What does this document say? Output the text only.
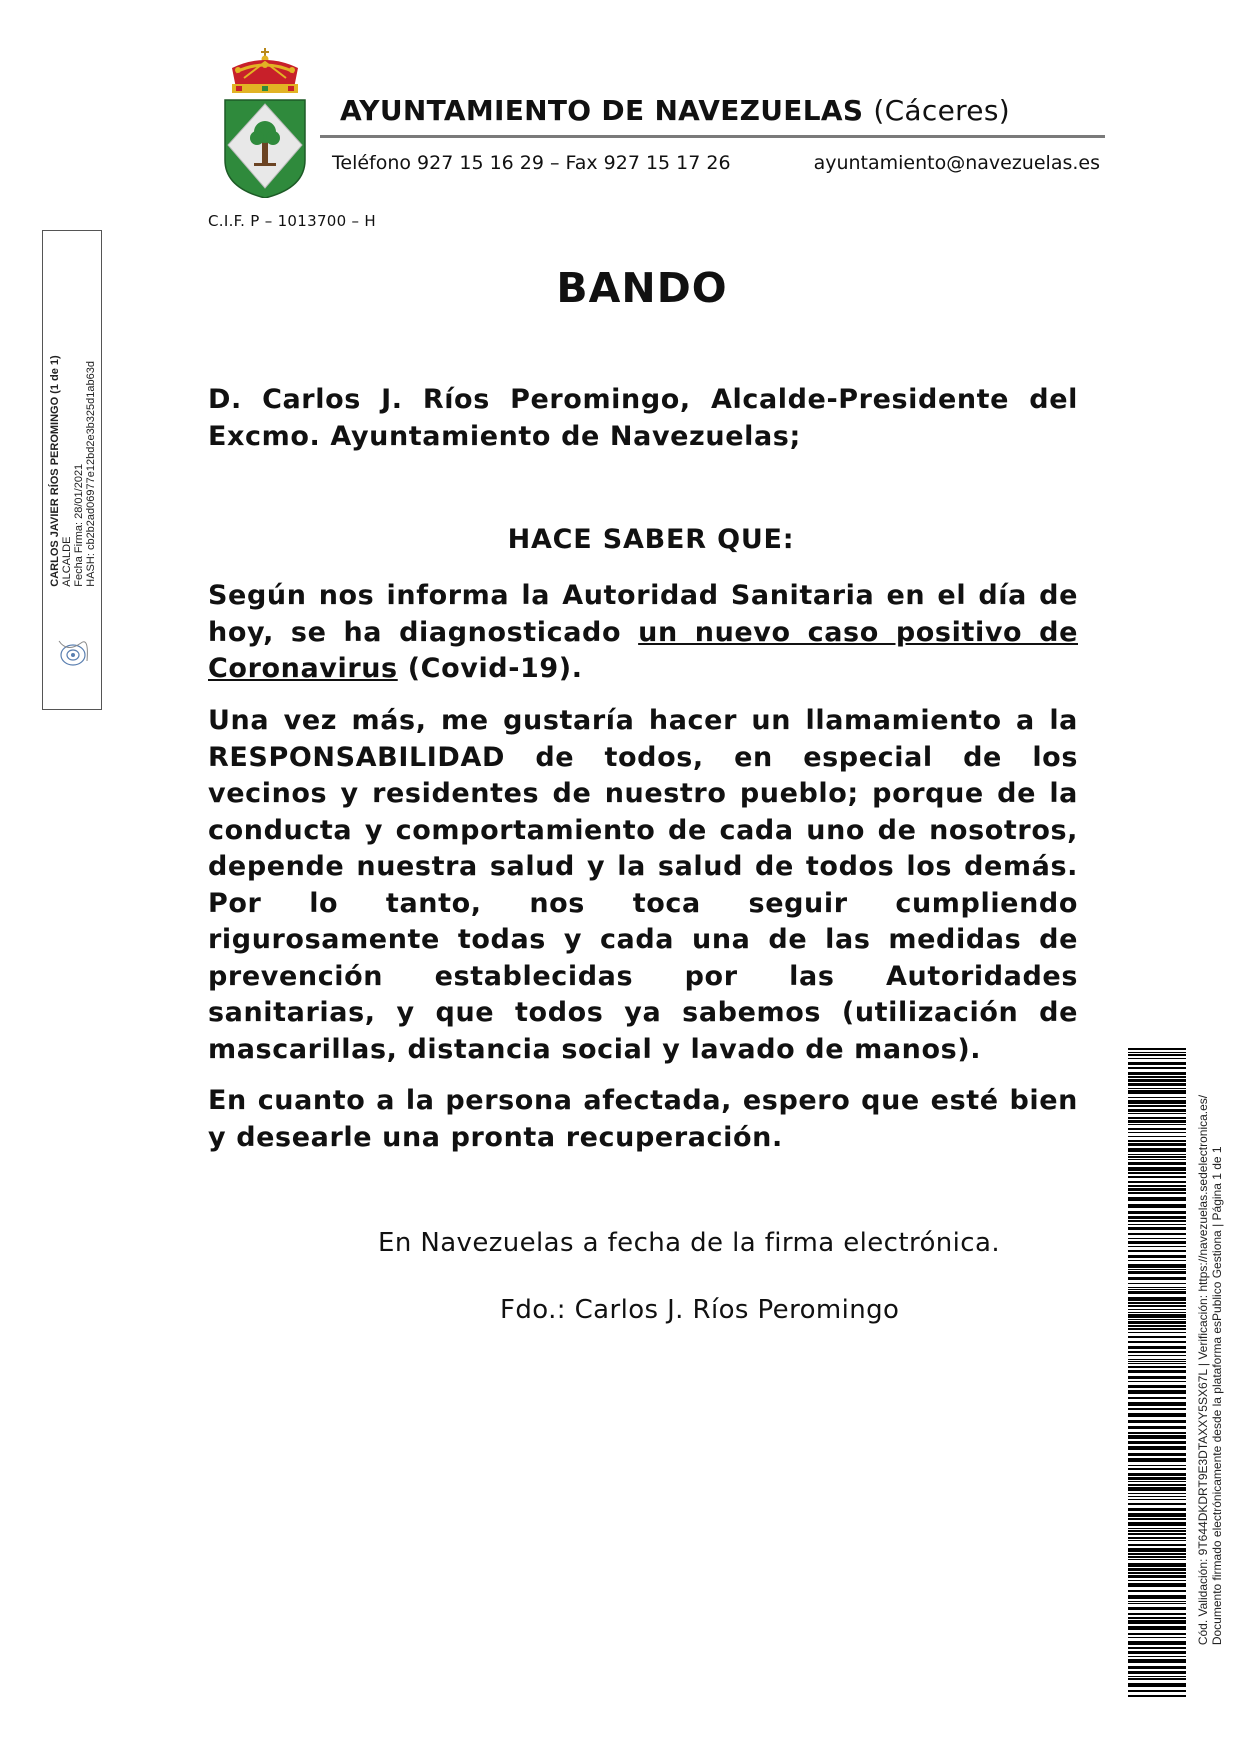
AYUNTAMIENTO DE NAVEZUELAS (Cáceres)
Teléfono 927 15 16 29 – Fax 927 15 17 26	ayuntamiento@navezuelas.es
C.I.F. P – 1013700 – H
CARLOS JAVIER RÍOS PEROMINGO (1 de 1) ALCALDE Fecha Firma: 28/01/2021 HASH: cb2b2ad06977e12bd2e3b325d1ab63d
BANDO
D. Carlos J. Ríos Peromingo, Alcalde-Presidente del Excmo. Ayuntamiento de Navezuelas;
HACE SABER QUE:
Según nos informa la Autoridad Sanitaria en el día de hoy, se ha diagnosticado un nuevo caso positivo de Coronavirus (Covid-19).
Una vez más, me gustaría hacer un llamamiento a la RESPONSABILIDAD de todos, en especial de los vecinos y residentes de nuestro pueblo; porque de la conducta y comportamiento de cada uno de nosotros, depende nuestra salud y la salud de todos los demás. Por lo tanto, nos toca seguir cumpliendo rigurosamente todas y cada una de las medidas de prevención establecidas por las Autoridades sanitarias, y que todos ya sabemos (utilización de mascarillas, distancia social y lavado de manos).
En cuanto a la persona afectada, espero que esté bien y desearle una pronta recuperación.
En Navezuelas a fecha de la firma electrónica.
Fdo.: Carlos J. Ríos Peromingo	Cód. Validación: 9T644DKDRT9E3DTAXXY5SX67L | Verificación: https://navezuelas.sedelectronica.es/ Documento firmado electrónicamente desde la plataforma esPublico Gestiona | Página 1 de 1
